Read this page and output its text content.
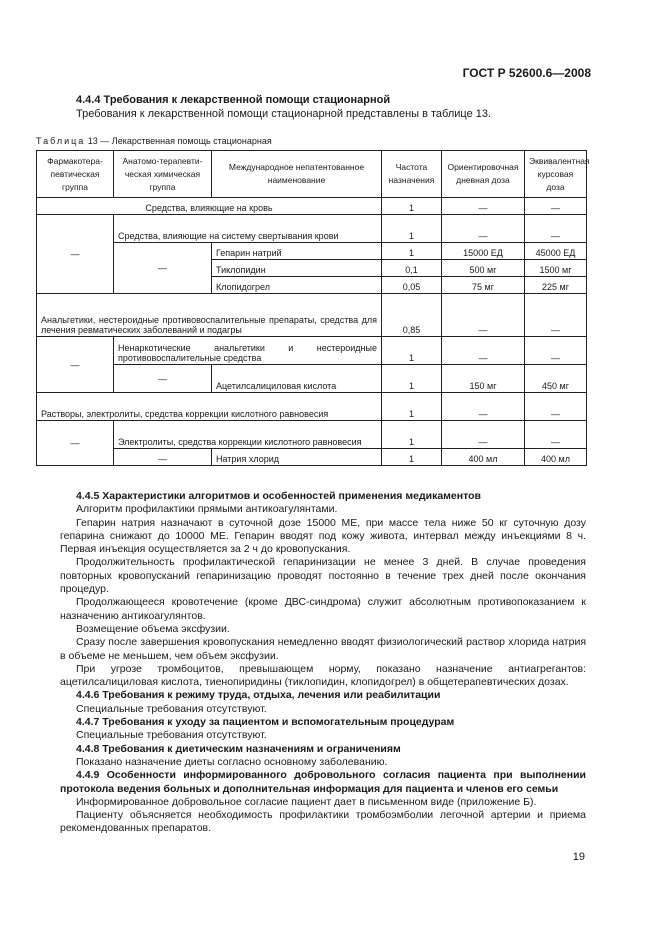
ГОСТ Р 52600.6—2008
4.4.4 Требования к лекарственной помощи стационарной
Требования к лекарственной помощи стационарной представлены в таблице 13.
Таблица 13 — Лекарственная помощь стационарная
Фармакотера-певтическая группа	Анатомо-терапевти-ческая химическая группа	Международное непатентованное наименование	Частота назначения	Ориентировочная дневная доза	Эквивалентная курсовая доза
Средства, влияющие на кровь			1	—	—
—	Средства, влияющие на систему свертывания крови		1	—	—
	—	Гепарин натрий	1	15000 ЕД	45000 ЕД
		Тиклопидин	0,1	500 мг	1500 мг
		Клопидогрел	0,05	75 мг	225 мг
Анальгетики, нестероидные противовоспалительные препараты, средства для лечения ревматических заболеваний и подагры			0,85	—	—
—	Ненаркотические анальгетики и нестероидные противовоспалительные средства		1	—	—
	—	Ацетилсалициловая кислота	1	150 мг	450 мг
Растворы, электролиты, средства коррекции кислотного равновесия			1	—	—
—	Электролиты, средства коррекции кислотного равновесия		1	—	—
	—	Натрия хлорид	1	400 мл	400 мл

4.4.5 Характеристики алгоритмов и особенностей применения медикаментов

Алгоритм профилактики прямыми антикоагулянтами.

Гепарин натрия назначают в суточной дозе 15000 МЕ, при массе тела ниже 50 кг суточную дозу гепарина снижают до 10000 МЕ. Гепарин вводят под кожу живота, интервал между инъекциями 8 ч. Первая инъекция осуществляется за 2 ч до кровопускания.

Продолжительность профилактической гепаринизации не менее 3 дней. В случае проведения повторных кровопусканий гепаринизацию проводят постоянно в течение трех дней после окончания процедур.

Продолжающееся кровотечение (кроме ДВС-синдрома) служит абсолютным противопоказанием к назначению антикоагулянтов.

Возмещение объема эксфузии.

Сразу после завершения кровопускания немедленно вводят физиологический раствор хлорида натрия в объеме не меньшем, чем объем эксфузии.

При угрозе тромбоцитов, превышающем норму, показано назначение антиагрегантов: ацетилсалициловая кислота, тиенопиридины (тиклопидин, клопидогрел) в общетерапевтических дозах.

4.4.6 Требования к режиму труда, отдыха, лечения или реабилитации

Специальные требования отсутствуют.

4.4.7 Требования к уходу за пациентом и вспомогательным процедурам

Специальные требования отсутствуют.

4.4.8 Требования к диетическим назначениям и ограничениям

Показано назначение диеты согласно основному заболеванию.

4.4.9 Особенности информированного добровольного согласия пациента при выполнении протокола ведения больных и дополнительная информация для пациента и членов его семьи

Информированное добровольное согласие пациент дает в письменном виде (приложение Б).

Пациенту объясняется необходимость профилактики тромбоэмболии легочной артерии и приема рекомендованных препаратов.

19
